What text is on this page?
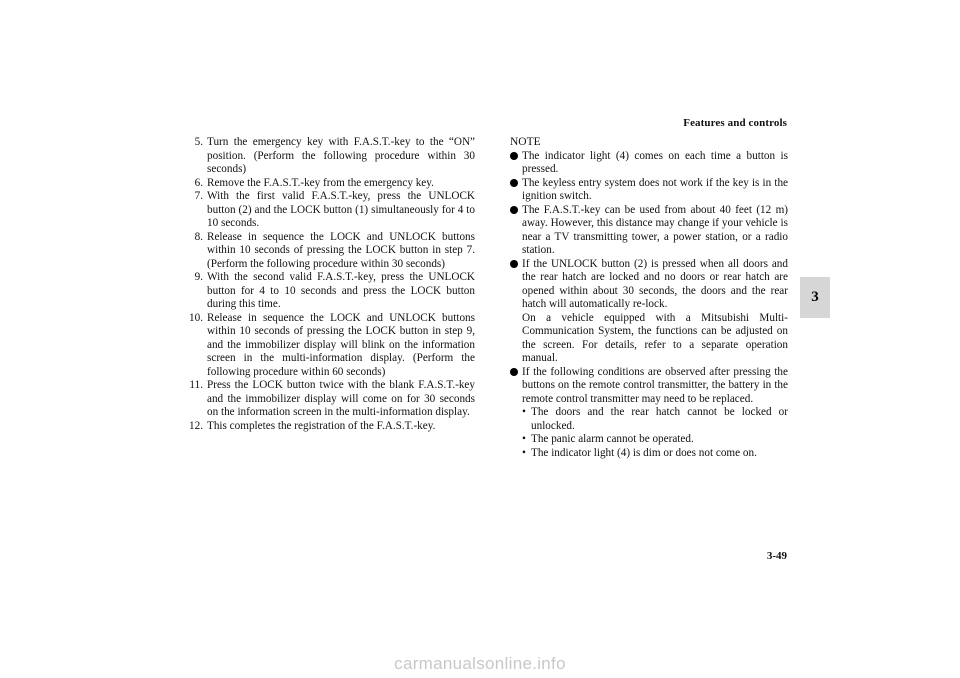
Features and controls
3
5. Turn the emergency key with F.A.S.T.-key to the “ON” position. (Perform the following procedure within 30 seconds)
6. Remove the F.A.S.T.-key from the emergency key.
7. With the first valid F.A.S.T.-key, press the UNLOCK button (2) and the LOCK button (1) simultaneously for 4 to 10 seconds.
8. Release in sequence the LOCK and UNLOCK buttons within 10 seconds of pressing the LOCK button in step 7. (Perform the following procedure within 30 seconds)
9. With the second valid F.A.S.T.-key, press the UNLOCK button for 4 to 10 seconds and press the LOCK button during this time.
10. Release in sequence the LOCK and UNLOCK buttons within 10 seconds of pressing the LOCK button in step 9, and the immobilizer display will blink on the information screen in the multi-information display. (Perform the following procedure within 60 seconds)
11. Press the LOCK button twice with the blank F.A.S.T.-key and the immobilizer display will come on for 30 seconds on the information screen in the multi-information display.
12. This completes the registration of the F.A.S.T.-key.
NOTE
The indicator light (4) comes on each time a button is pressed.
The keyless entry system does not work if the key is in the ignition switch.
The F.A.S.T.-key can be used from about 40 feet (12 m) away. However, this distance may change if your vehicle is near a TV transmitting tower, a power station, or a radio station.

If the UNLOCK button (2) is pressed when all doors and the rear hatch are locked and no doors or rear hatch are opened within about 30 seconds, the doors and the rear hatch will automatically re-lock.

On a vehicle equipped with a Mitsubishi Multi-Communication System, the functions can be adjusted on the screen. For details, refer to a separate operation manual.

If the following conditions are observed after pressing the buttons on the remote control transmitter, the battery in the remote control transmitter may need to be replaced.

• The doors and the rear hatch cannot be locked or unlocked.
• The panic alarm cannot be operated.
• The indicator light (4) is dim or does not come on.
3-49
carmanualsonline.info
